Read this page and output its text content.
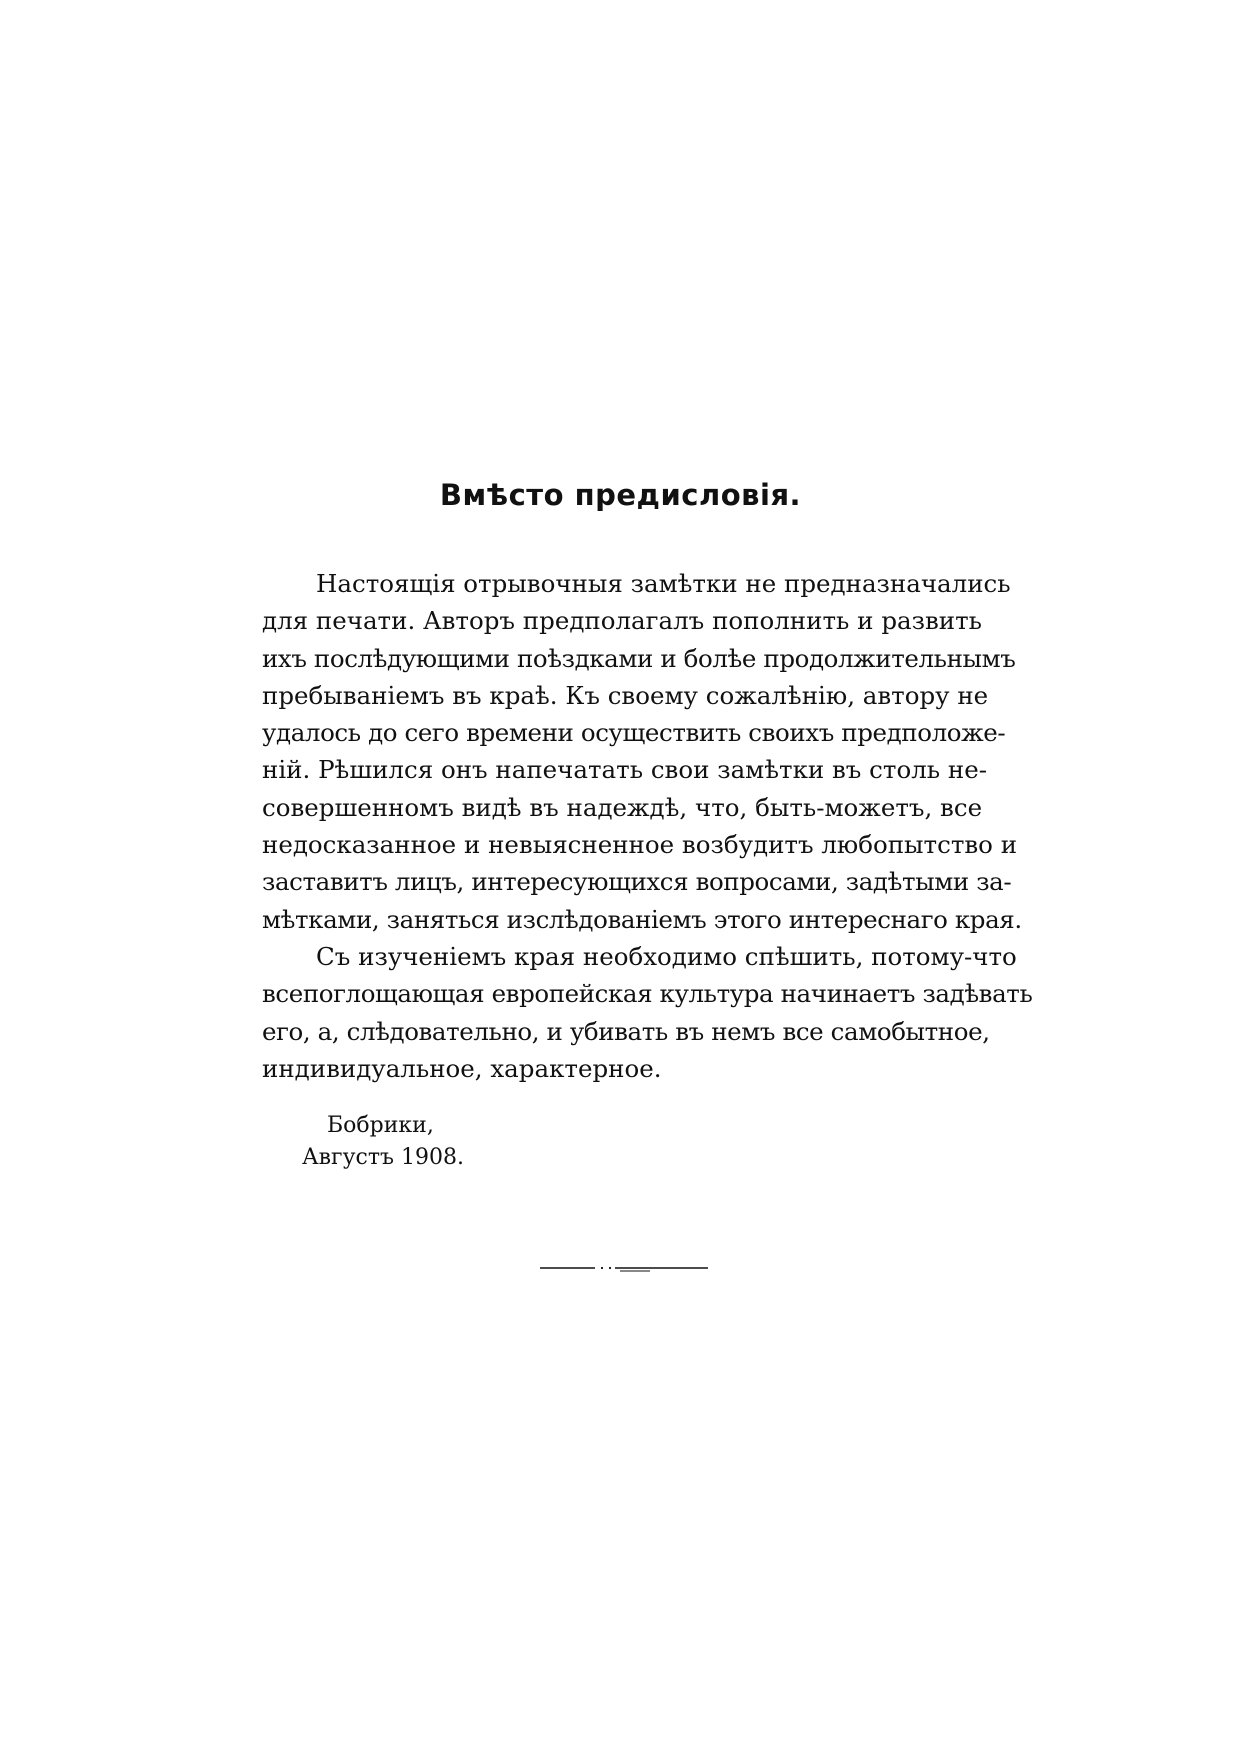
Вмѣсто предисловія.
Настоящія отрывочныя замѣтки не предназначались
для печати. Авторъ предполагалъ пополнить и развить
ихъ послѣдующими поѣздками и болѣе продолжительнымъ
пребываніемъ въ краѣ. Къ своему сожалѣнію, автору не
удалось до сего времени осуществить своихъ предположе-
ній. Рѣшился онъ напечатать свои замѣтки въ столь не-
совершенномъ видѣ въ надеждѣ, что, быть-можетъ, все
недосказанное и невыясненное возбудитъ любопытство и
заставитъ лицъ, интересующихся вопросами, задѣтыми за-
мѣтками, заняться изслѣдованіемъ этого интереснаго края.
Съ изученіемъ края необходимо спѣшить, потому-что
всепоглощающая европейская культура начинаетъ задѣвать
его, а, слѣдовательно, и убивать въ немъ все самобытное,
индивидуальное, характерное.
Бобрики,
Августъ 1908.
